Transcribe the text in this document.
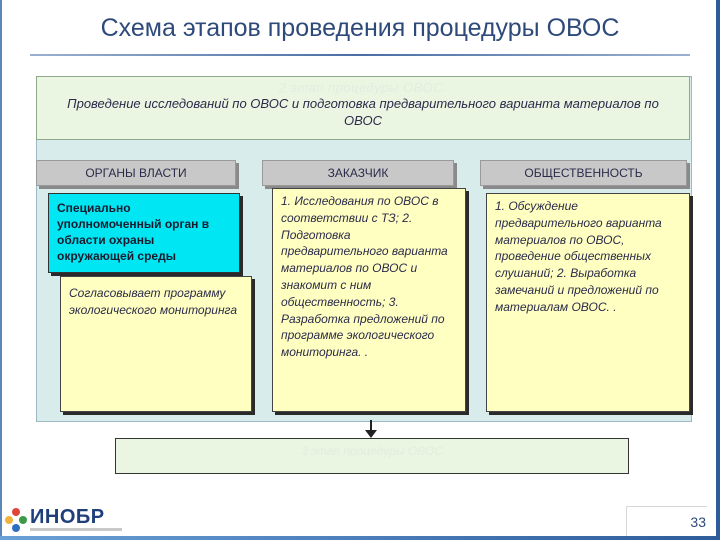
Схема этапов проведения процедуры ОВОС
2 этап процедуры ОВОС:
Проведение исследований по ОВОС и подготовка предварительного варианта материалов по ОВОС
ОРГАНЫ ВЛАСТИ	ЗАКАЗЧИК	ОБЩЕСТВЕННОСТЬ
Согласовывает программу экологического мониторинга
Специально уполномоченный орган в области охраны окружающей среды
1. Исследования по ОВОС в соответствии с ТЗ; 2. Подготовка предварительного варианта материалов по ОВОС и знакомит с ним общественность; 3. Разработка предложений по программе экологического мониторинга. .
1. Обсуждение предварительного варианта материалов по ОВОС, проведение общественных слушаний; 2. Выработка замечаний и предложений по материалам ОВОС. .
3 этап процедуры ОВОС
ИНОБР	33
